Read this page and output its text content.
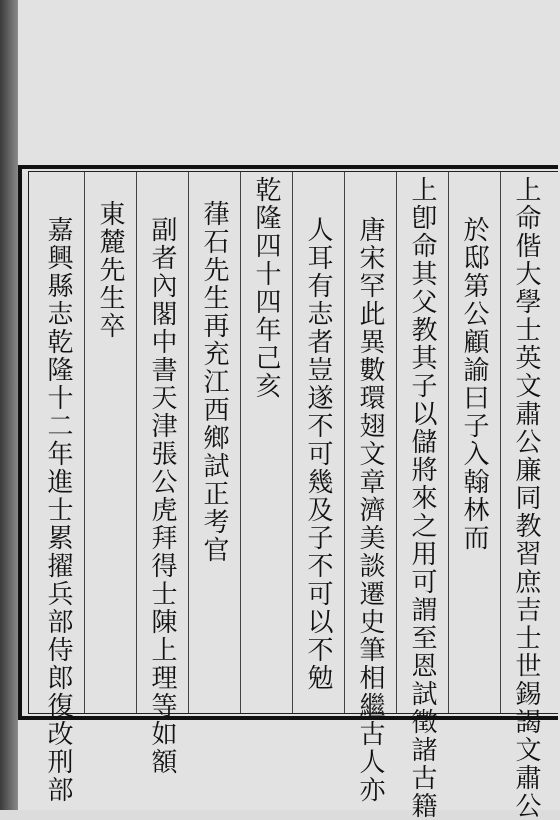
上命偕大學士英文肅公廉同教習庶吉士世錫謁文肅公
於邸第公顧諭曰子入翰林而
上卽命其父教其子以儲將來之用可謂至恩試徵諸古籍
唐宋罕此異數環翅文章濟美談遷史筆相繼古人亦
人耳有志者豈遂不可幾及子不可以不勉
乾隆四十四年己亥
葎石先生再充江西鄉試正考官
副者內閣中書天津張公虎拜得士陳上理等如額
東麓先生卒
嘉興縣志乾隆十二年進士累擢兵部侍郎復改刑部
